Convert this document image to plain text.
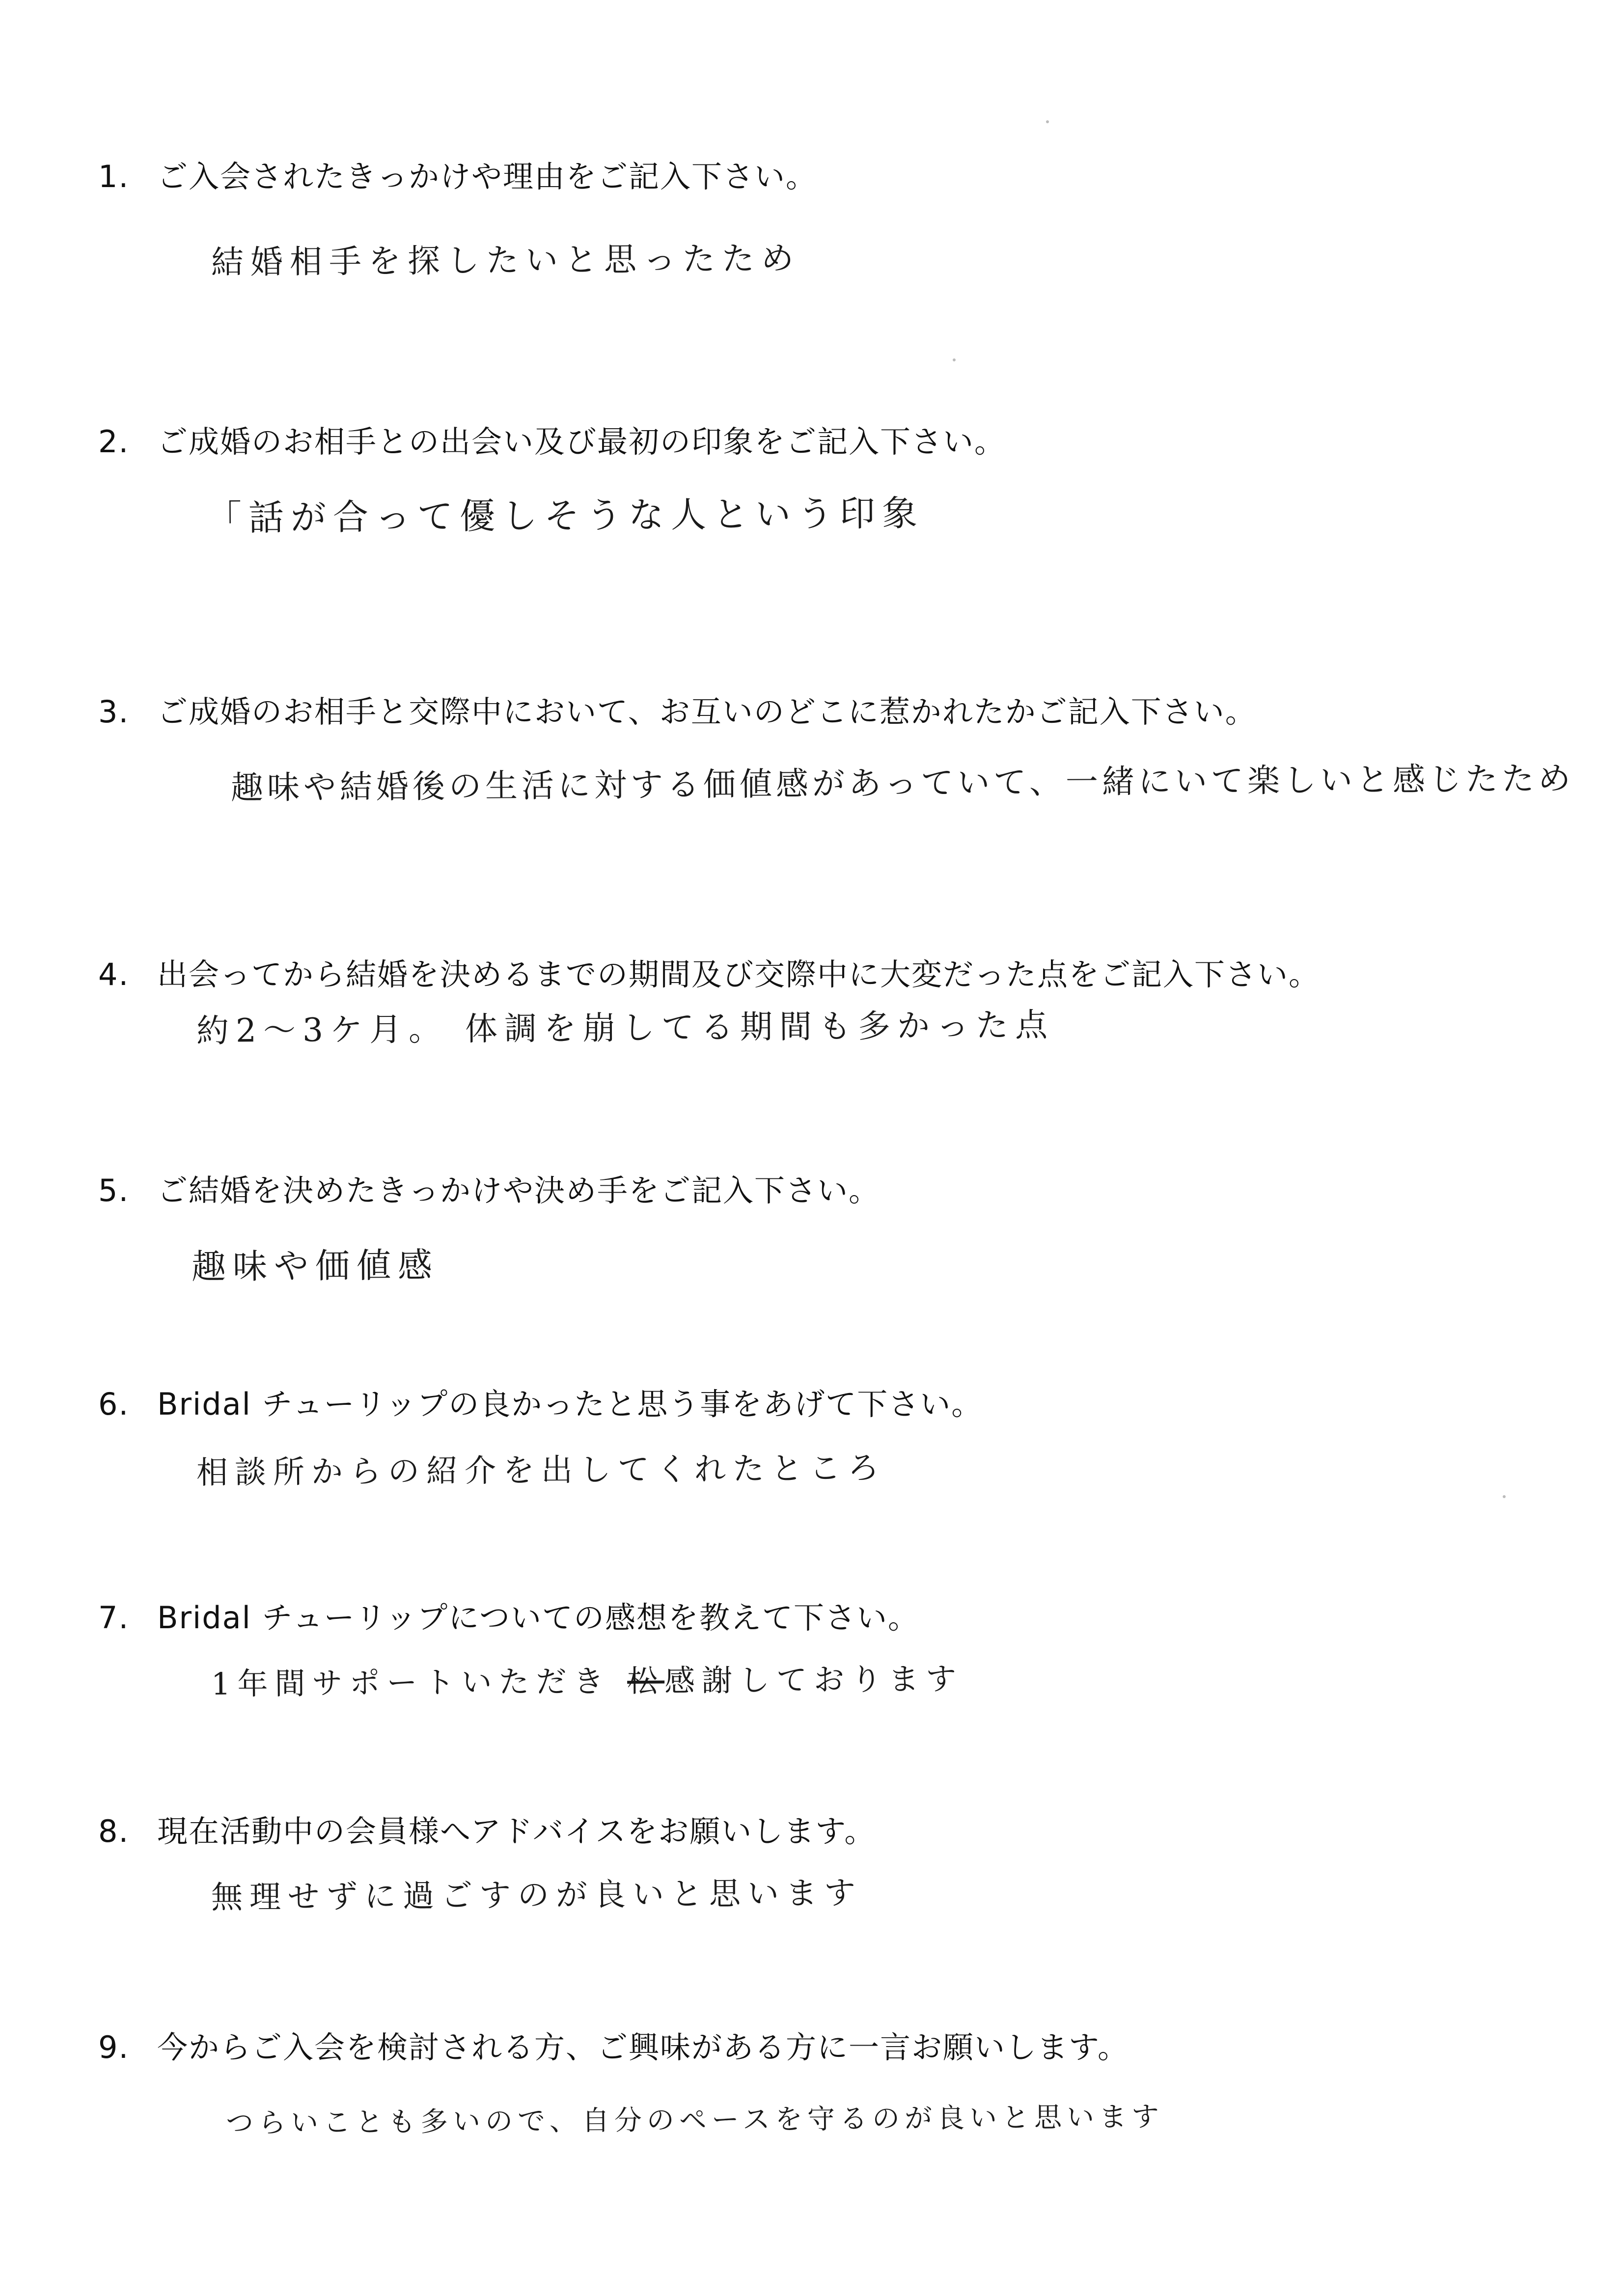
1. ご入会されたきっかけや理由をご記入下さい。
結婚相手を探したいと思ったため
2. ご成婚のお相手との出会い及び最初の印象をご記入下さい。
「話が合って優しそうな人という印象
3. ご成婚のお相手と交際中において、お互いのどこに惹かれたかご記入下さい。
趣味や結婚後の生活に対する価値感があっていて、一緒にいて楽しいと感じたため
4. 出会ってから結婚を決めるまでの期間及び交際中に大変だった点をご記入下さい。
約2～3ケ月。 体調を崩してる期間も多かった点
5. ご結婚を決めたきっかけや決め手をご記入下さい。
趣味や価値感
6. Bridal チューリップの良かったと思う事をあげて下さい。
相談所からの紹介を出してくれたところ
7. Bridal チューリップについての感想を教えて下さい。
1年間サポートいただき 松感謝しております
8. 現在活動中の会員様へアドバイスをお願いします。
無理せずに過ごすのが良いと思います
9. 今からご入会を検討される方、ご興味がある方に一言お願いします。
つらいことも多いので、自分のペースを守るのが良いと思います
